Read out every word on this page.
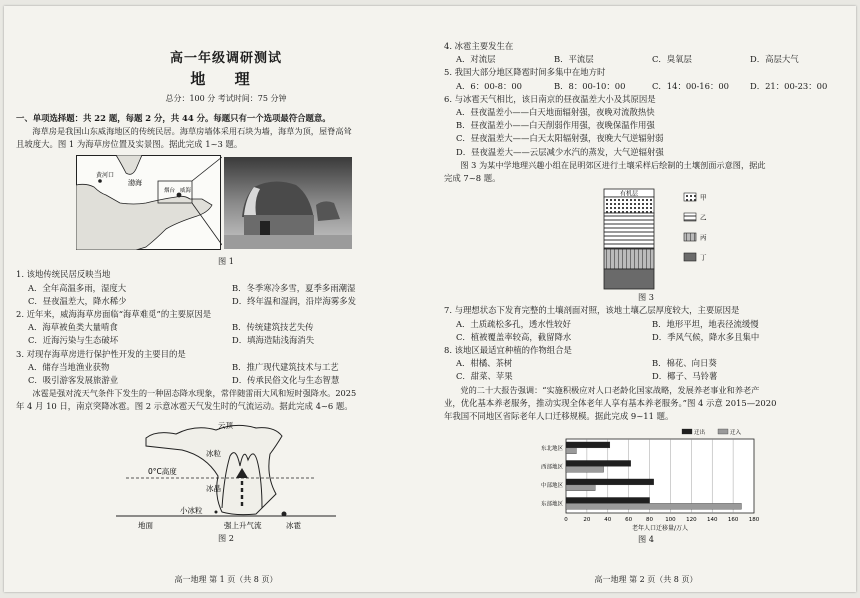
高一年级调研测试
地 理
总分：100 分 考试时间：75 分钟
一、单项选择题：共 22 题，每题 2 分，共 44 分。每题只有一个选项最符合题意。
海草房是我国山东威海地区的传统民居。海草房墙体采用石块为墙，海草为顶，屋脊高耸
且坡度大。图 1 为海草房位置及实景图。据此完成 1~3 题。
渤海
黄河口
烟台 威海
图 1
1. 该地传统民居反映当地
A．全年高温多雨，湿度大	B．冬季寒冷多雪，夏季多雨潮湿
C．昼夜温差大，降水稀少	D．终年温和湿润，沿岸海雾多发
2. 近年来，威海海草房面临“海草难觅”的主要原因是
A．海草被鱼类大量啃食	B．传统建筑技艺失传
C．近海污染与生态破坏	D．填海造陆浅海消失
3. 对现存海草房进行保护性开发的主要目的是
A．储存当地渔业获物	B．推广现代建筑技术与工艺
C．吸引游客发展旅游业	D．传承民俗文化与生态智慧
冰雹是强对流天气条件下发生的一种固态降水现象，常伴随雷雨大风和短时强降水。2025
年 4 月 10 日，南京突降冰雹。图 2 示意冰雹天气发生时的气流运动。据此完成 4~6 题。
云顶
冰粒
0°C高度
冰晶
地面
小冰粒
强上升气流	冰雹
图 2
高一地理 第 1 页（共 8 页）
4. 冰雹主要发生在
A．对流层	B．平流层	C．臭氧层	D．高层大气
5. 我国大部分地区降雹时间多集中在地方时
A．6：00-8：00	B．8：00-10：00	C．14：00-16：00	D．21：00-23：00
6. 与冰雹天气相比，该日南京的昼夜温差大小及其原因是
A．昼夜温差小——白天地面辐射强，夜晚对流散热快
B．昼夜温差小——白天削弱作用强，夜晚保温作用强
C．昼夜温差大——白天太阳辐射强，夜晚大气逆辐射弱
D．昼夜温差大——云层减少水汽的蒸发，大气逆辐射强
图 3 为某中学地理兴趣小组在昆明郊区进行土壤采样后绘制的土壤剖面示意图，据此
完成 7~8 题。
有机层	甲
乙
丙
丁
图 3
7. 与理想状态下发育完整的土壤剖面对照，该地土壤乙层厚度较大，主要原因是
A．土质疏松多孔，透水性较好	B．地形平坦，地表径流缓慢
C．植被覆盖率较高，截留降水	D．季风气候，降水多且集中
8. 该地区最适宜种植的作物组合是
A．柑橘、茶树	B．棉花、向日葵
C．甜菜、苹果	D．椰子、马铃薯
党的二十大报告强调：“实施积极应对人口老龄化国家战略，发展养老事业和养老产
业，优化基本养老服务，推动实现全体老年人享有基本养老服务。”图 4 示意 2015—2020
年我国不同地区省际老年人口迁移规模。据此完成 9~11 题。
0	20	40	60	80 100 120 140 160 180
东北地区
西部地区
中部地区
东部地区
老年人口迁移量/万人
迁出	迁入
图 4
高一地理 第 2 页（共 8 页）
